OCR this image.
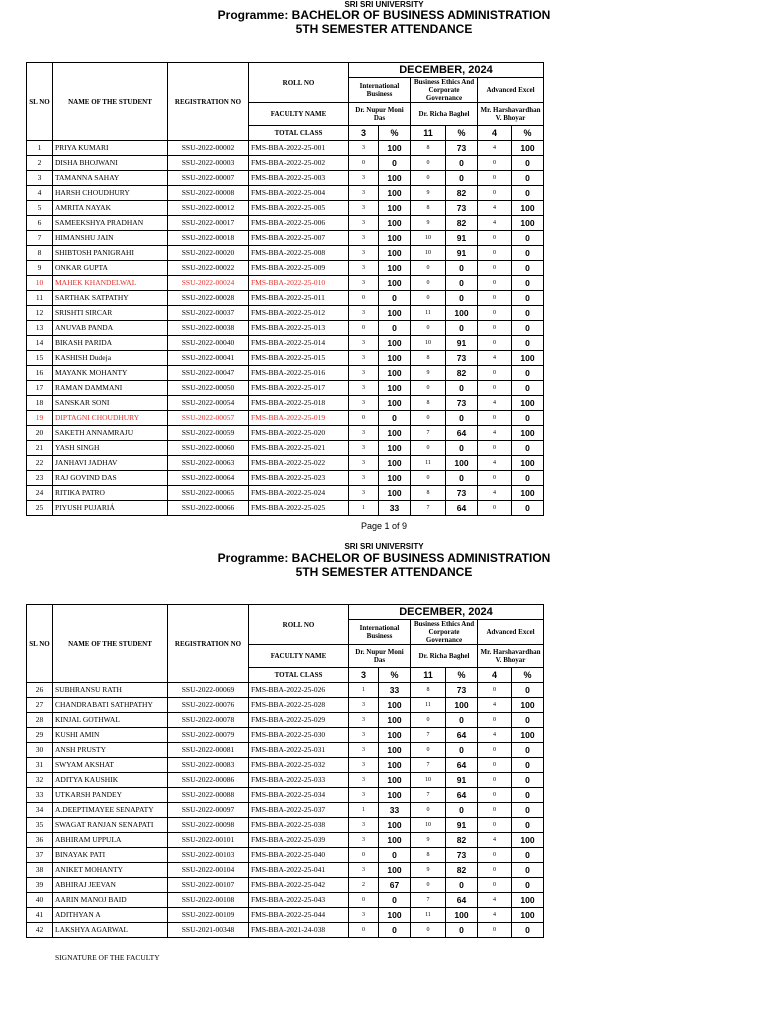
SRI SRI UNIVERSITY
Programme: BACHELOR OF BUSINESS ADMINISTRATION
5TH SEMESTER ATTENDANCE
SL NO	NAME OF THE STUDENT	REGISTRATION NO	ROLL NO	DECEMBER, 2024					
				International Business		Business Ethics And Corporate Governance		Advanced Excel	
			FACULTY NAME	Dr. Nupur Moni Das		Dr. Richa Baghel		Mr. Harshavardhan V. Bhoyar	
			TOTAL CLASS	3	%	11	%	4	%
1	PRIYA KUMARI	SSU-2022-00002	FMS-BBA-2022-25-001	3	100	8	73	4	100
2	DISHA BHOJWANI	SSU-2022-00003	FMS-BBA-2022-25-002	0	0	0	0	0	0
3	TAMANNA SAHAY	SSU-2022-00007	FMS-BBA-2022-25-003	3	100	0	0	0	0
4	HARSH CHOUDHURY	SSU-2022-00008	FMS-BBA-2022-25-004	3	100	9	82	0	0
5	AMRITA NAYAK	SSU-2022-00012	FMS-BBA-2022-25-005	3	100	8	73	4	100
6	SAMEEKSHYA PRADHAN	SSU-2022-00017	FMS-BBA-2022-25-006	3	100	9	82	4	100
7	HIMANSHU JAIN	SSU-2022-00018	FMS-BBA-2022-25-007	3	100	10	91	0	0
8	SHIBTOSH PANIGRAHI	SSU-2022-00020	FMS-BBA-2022-25-008	3	100	10	91	0	0
9	ONKAR GUPTA	SSU-2022-00022	FMS-BBA-2022-25-009	3	100	0	0	0	0
10	MAHEK KHANDELWAL	SSU-2022-00024	FMS-BBA-2022-25-010	3	100	0	0	0	0
11	SARTHAK SATPATHY	SSU-2022-00028	FMS-BBA-2022-25-011	0	0	0	0	0	0
12	SRISHTI SIRCAR	SSU-2022-00037	FMS-BBA-2022-25-012	3	100	11	100	0	0
13	ANUVAB PANDA	SSU-2022-00038	FMS-BBA-2022-25-013	0	0	0	0	0	0
14	BIKASH PARIDA	SSU-2022-00040	FMS-BBA-2022-25-014	3	100	10	91	0	0
15	KASHISH Dudeja	SSU-2022-00041	FMS-BBA-2022-25-015	3	100	8	73	4	100
16	MAYANK MOHANTY	SSU-2022-00047	FMS-BBA-2022-25-016	3	100	9	82	0	0
17	RAMAN DAMMANI	SSU-2022-00050	FMS-BBA-2022-25-017	3	100	0	0	0	0
18	SANSKAR SONI	SSU-2022-00054	FMS-BBA-2022-25-018	3	100	8	73	4	100
19	DIPTAGNI CHOUDHURY	SSU-2022-00057	FMS-BBA-2022-25-019	0	0	0	0	0	0
20	SAKETH ANNAMRAJU	SSU-2022-00059	FMS-BBA-2022-25-020	3	100	7	64	4	100
21	YASH SINGH	SSU-2022-00060	FMS-BBA-2022-25-021	3	100	0	0	0	0
22	JANHAVI JADHAV	SSU-2022-00063	FMS-BBA-2022-25-022	3	100	11	100	4	100
23	RAJ GOVIND DAS	SSU-2022-00064	FMS-BBA-2022-25-023	3	100	0	0	0	0
24	RITIKA PATRO	SSU-2022-00065	FMS-BBA-2022-25-024	3	100	8	73	4	100
25	PIYUSH PUJARIÁ	SSU-2022-00066	FMS-BBA-2022-25-025	1	33	7	64	0	0
Page 1 of 9
SRI SRI UNIVERSITY
Programme: BACHELOR OF BUSINESS ADMINISTRATION
5TH SEMESTER ATTENDANCE
SL NO	NAME OF THE STUDENT	REGISTRATION NO	ROLL NO	DECEMBER, 2024					
				International Business		Business Ethics And Corporate Governance		Advanced Excel	
			FACULTY NAME	Dr. Nupur Moni Das		Dr. Richa Baghel		Mr. Harshavardhan V. Bhoyar	
			TOTAL CLASS	3	%	11	%	4	%
26	SUBHRANSU RATH	SSU-2022-00069	FMS-BBA-2022-25-026	1	33	8	73	0	0
27	CHANDRABATI SATHPATHY	SSU-2022-00076	FMS-BBA-2022-25-028	3	100	11	100	4	100
28	KINJAL GOTHWAL	SSU-2022-00078	FMS-BBA-2022-25-029	3	100	0	0	0	0
29	KUSHI AMIN	SSU-2022-00079	FMS-BBA-2022-25-030	3	100	7	64	4	100
30	ANSH PRUSTY	SSU-2022-00081	FMS-BBA-2022-25-031	3	100	0	0	0	0
31	SWYAM AKSHAT	SSU-2022-00083	FMS-BBA-2022-25-032	3	100	7	64	0	0
32	ADITYA KAUSHIK	SSU-2022-00086	FMS-BBA-2022-25-033	3	100	10	91	0	0
33	UTKARSH PANDEY	SSU-2022-00088	FMS-BBA-2022-25-034	3	100	7	64	0	0
34	A.DEEPTIMAYEE SENAPATY	SSU-2022-00097	FMS-BBA-2022-25-037	1	33	0	0	0	0
35	SWAGAT RANJAN SENAPATI	SSU-2022-00098	FMS-BBA-2022-25-038	3	100	10	91	0	0
36	ABHIRAM UPPULA	SSU-2022-00101	FMS-BBA-2022-25-039	3	100	9	82	4	100
37	BINAYAK PATI	SSU-2022-00103	FMS-BBA-2022-25-040	0	0	8	73	0	0
38	ANIKET MOHANTY	SSU-2022-00104	FMS-BBA-2022-25-041	3	100	9	82	0	0
39	ABHIRAJ JEEVAN	SSU-2022-00107	FMS-BBA-2022-25-042	2	67	0	0	0	0
40	AARIN MANOJ BAID	SSU-2022-00108	FMS-BBA-2022-25-043	0	0	7	64	4	100
41	ADITHYAN A	SSU-2022-00109	FMS-BBA-2022-25-044	3	100	11	100	4	100
42	LAKSHYA AGARWAL	SSU-2021-00348	FMS-BBA-2021-24-038	0	0	0	0	0	0
SIGNATURE OF THE FACULTY
